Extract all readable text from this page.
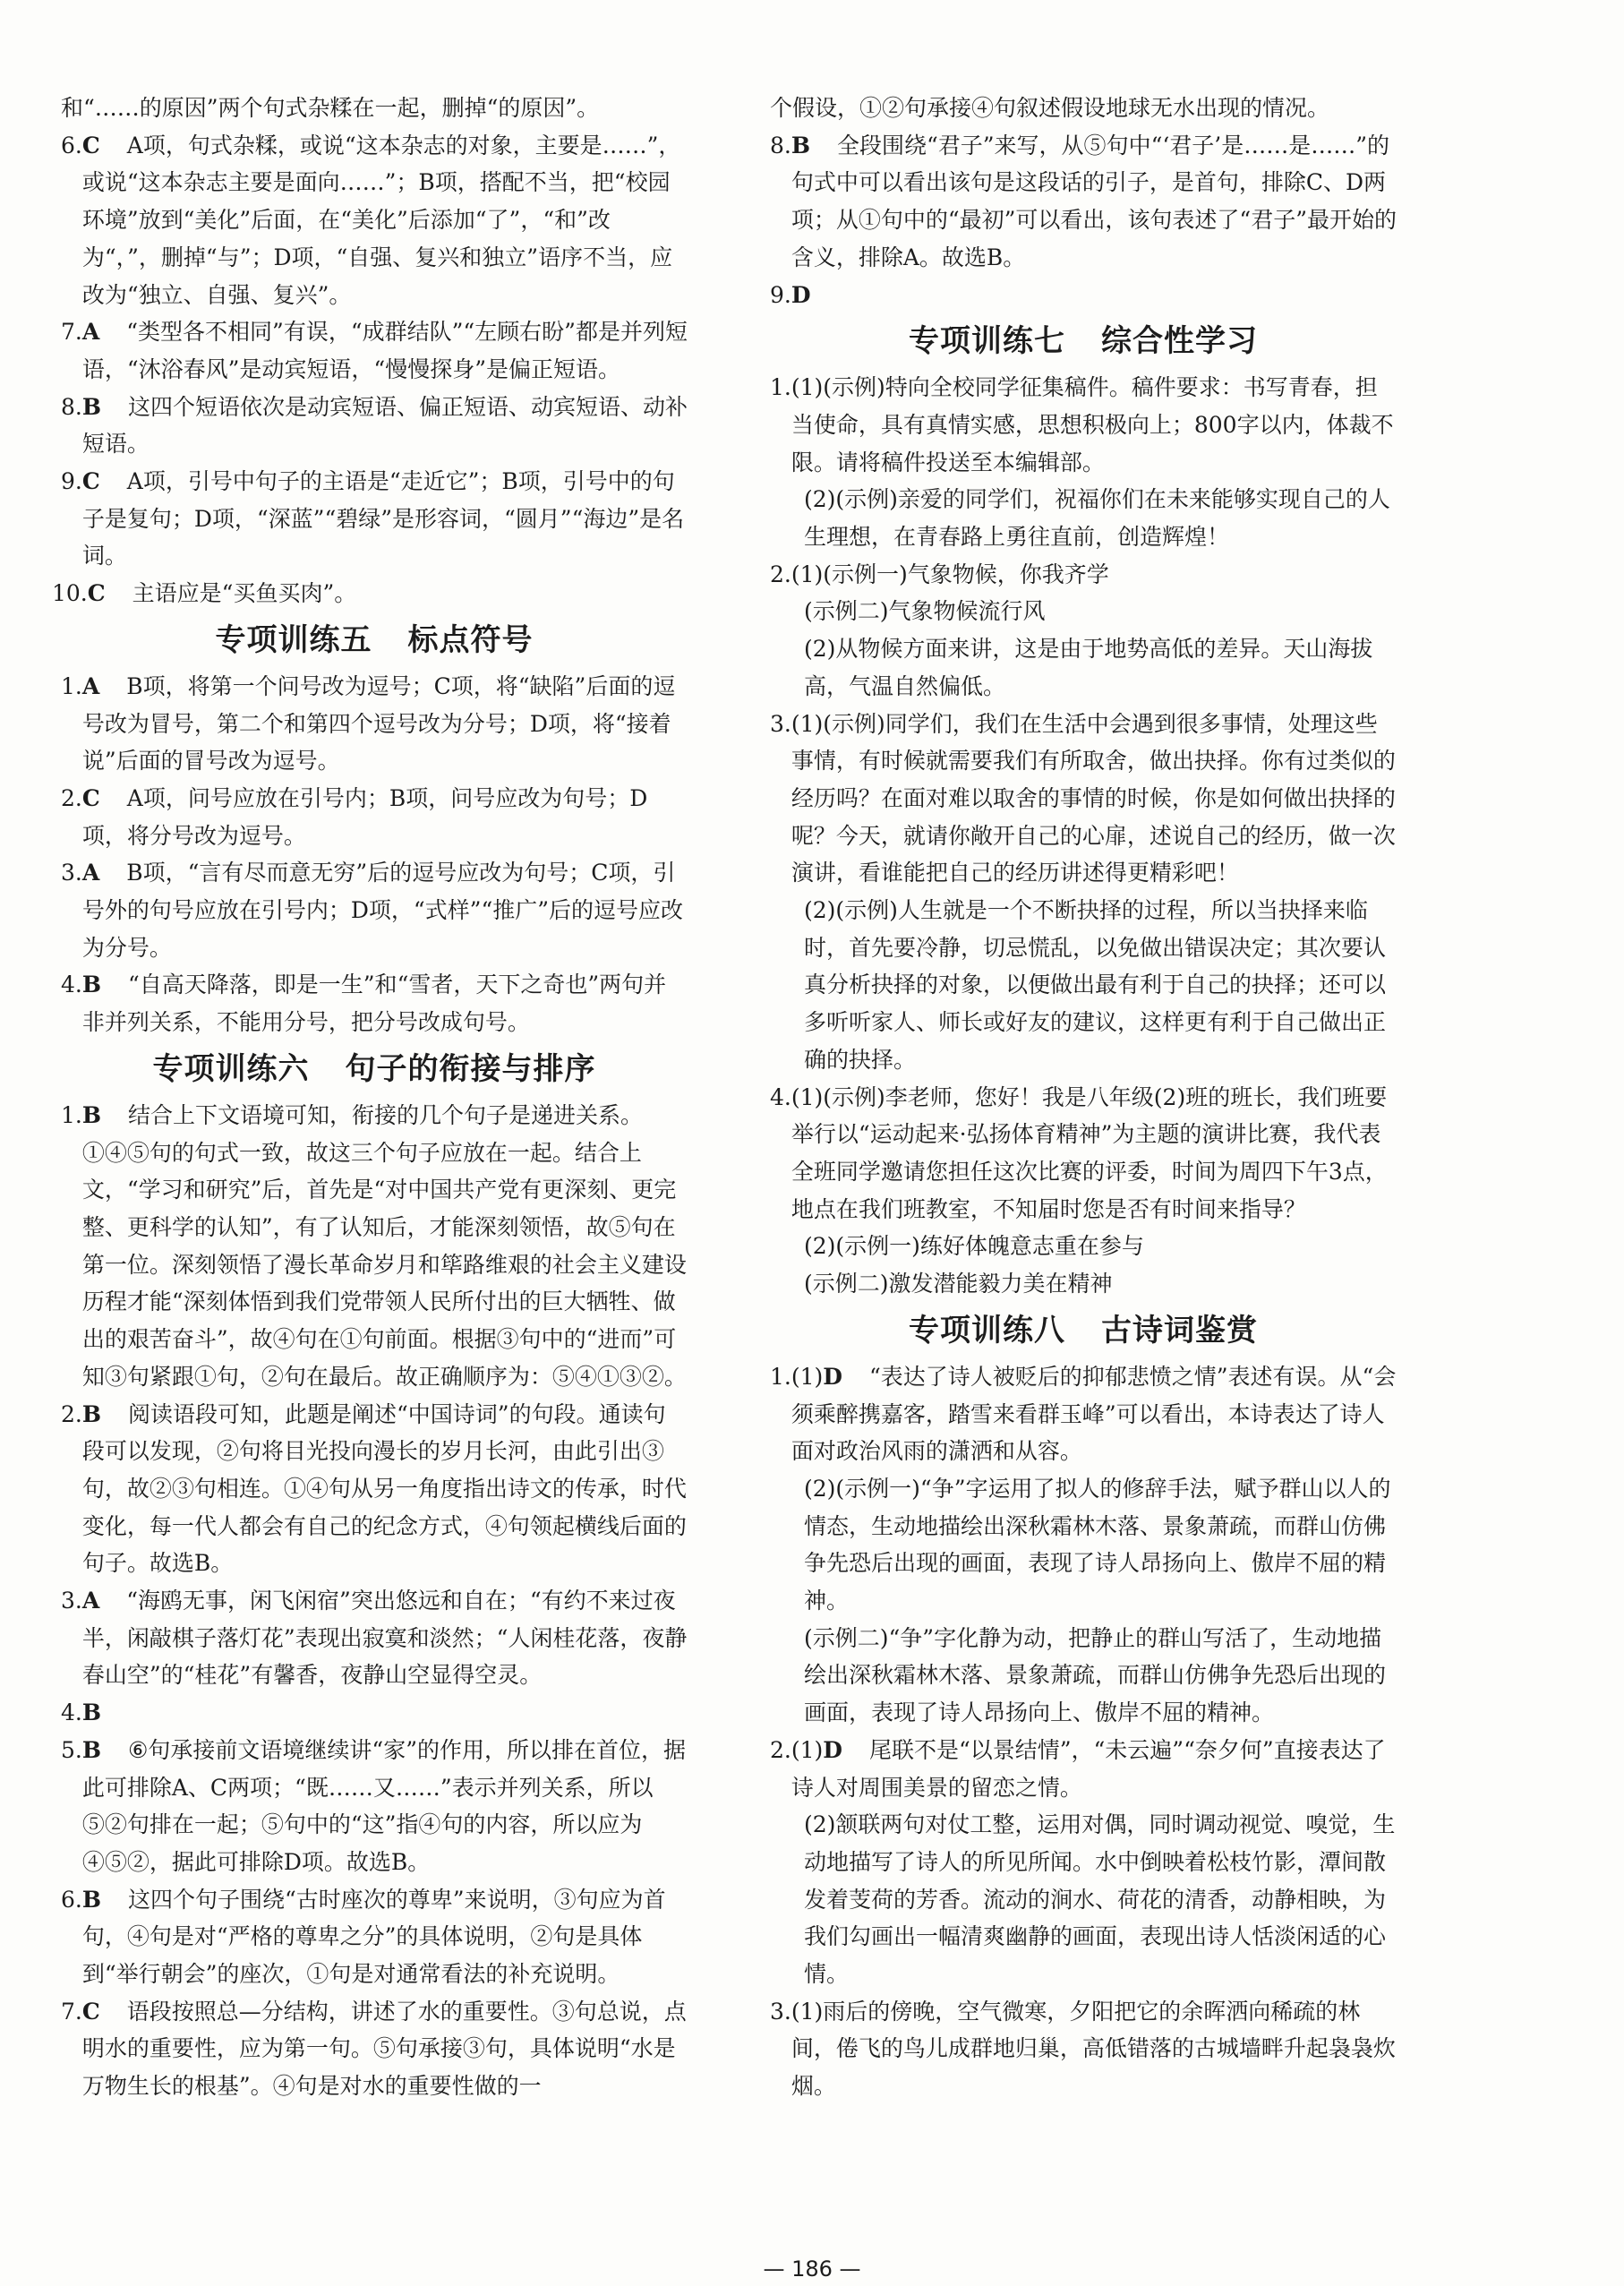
和“……的原因”两个句式杂糅在一起，删掉“的原因”。
6. C A项，句式杂糅，或说“这本杂志的对象，主要是……”，或说“这本杂志主要是面向……”；B项，搭配不当，把“校园环境”放到“美化”后面，在“美化”后添加“了”，“和”改为“，”，删掉“与”；D项，“自强、复兴和独立”语序不当，应改为“独立、自强、复兴”。
7. A “类型各不相同”有误，“成群结队”“左顾右盼”都是并列短语，“沐浴春风”是动宾短语，“慢慢探身”是偏正短语。
8. B 这四个短语依次是动宾短语、偏正短语、动宾短语、动补短语。
9. C A项，引号中句子的主语是“走近它”；B项，引号中的句子是复句；D项，“深蓝”“碧绿”是形容词，“圆月”“海边”是名词。
10. C 主语应是“买鱼买肉”。
专项训练五 标点符号
1. A B项，将第一个问号改为逗号；C项，将“缺陷”后面的逗号改为冒号，第二个和第四个逗号改为分号；D项，将“接着说”后面的冒号改为逗号。
2. C A项，问号应放在引号内；B项，问号应改为句号；D项，将分号改为逗号。
3. A B项，“言有尽而意无穷”后的逗号应改为句号；C项，引号外的句号应放在引号内；D项，“式样”“推广”后的逗号应改为分号。
4. B “自高天降落，即是一生”和“雪者，天下之奇也”两句并非并列关系，不能用分号，把分号改成句号。
专项训练六 句子的衔接与排序
1. B 结合上下文语境可知，衔接的几个句子是递进关系。①④⑤句的句式一致，故这三个句子应放在一起。结合上文，“学习和研究”后，首先是“对中国共产党有更深刻、更完整、更科学的认知”，有了认知后，才能深刻领悟，故⑤句在第一位。深刻领悟了漫长革命岁月和筚路维艰的社会主义建设历程才能“深刻体悟到我们党带领人民所付出的巨大牺牲、做出的艰苦奋斗”，故④句在①句前面。根据③句中的“进而”可知③句紧跟①句，②句在最后。故正确顺序为：⑤④①③②。
2. B 阅读语段可知，此题是阐述“中国诗词”的句段。通读句段可以发现，②句将目光投向漫长的岁月长河，由此引出③句，故②③句相连。①④句从另一角度指出诗文的传承，时代变化，每一代人都会有自己的纪念方式，④句领起横线后面的句子。故选B。
3. A “海鸥无事，闲飞闲宿”突出悠远和自在；“有约不来过夜半，闲敲棋子落灯花”表现出寂寞和淡然；“人闲桂花落，夜静春山空”的“桂花”有馨香，夜静山空显得空灵。
4. B
5. B ⑥句承接前文语境继续讲“家”的作用，所以排在首位，据此可排除A、C两项；“既……又……”表示并列关系，所以⑤②句排在一起；⑤句中的“这”指④句的内容，所以应为④⑤②，据此可排除D项。故选B。
6. B 这四个句子围绕“古时座次的尊卑”来说明，③句应为首句，④句是对“严格的尊卑之分”的具体说明，②句是具体到“举行朝会”的座次，①句是对通常看法的补充说明。
7. C 语段按照总—分结构，讲述了水的重要性。③句总说，点明水的重要性，应为第一句。⑤句承接③句，具体说明“水是万物生长的根基”。④句是对水的重要性做的一
个假设，①②句承接④句叙述假设地球无水出现的情况。
8. B 全段围绕“君子”来写，从⑤句中“‘君子’是……是……”的句式中可以看出该句是这段话的引子，是首句，排除C、D两项；从①句中的“最初”可以看出，该句表述了“君子”最开始的含义，排除A。故选B。
9. D
专项训练七 综合性学习
1. (1)(示例)特向全校同学征集稿件。稿件要求：书写青春，担当使命，具有真情实感，思想积极向上；800字以内，体裁不限。请将稿件投送至本编辑部。
(2)(示例)亲爱的同学们，祝福你们在未来能够实现自己的人生理想，在青春路上勇往直前，创造辉煌！
2. (1)(示例一)气象物候，你我齐学
(示例二)气象物候流行风
(2)从物候方面来讲，这是由于地势高低的差异。天山海拔高，气温自然偏低。
3. (1)(示例)同学们，我们在生活中会遇到很多事情，处理这些事情，有时候就需要我们有所取舍，做出抉择。你有过类似的经历吗？在面对难以取舍的事情的时候，你是如何做出抉择的呢？今天，就请你敞开自己的心扉，述说自己的经历，做一次演讲，看谁能把自己的经历讲述得更精彩吧！
(2)(示例)人生就是一个不断抉择的过程，所以当抉择来临时，首先要冷静，切忌慌乱，以免做出错误决定；其次要认真分析抉择的对象，以便做出最有利于自己的抉择；还可以多听听家人、师长或好友的建议，这样更有利于自己做出正确的抉择。
4. (1)(示例)李老师，您好！我是八年级(2)班的班长，我们班要举行以“运动起来·弘扬体育精神”为主题的演讲比赛，我代表全班同学邀请您担任这次比赛的评委，时间为周四下午3点，地点在我们班教室，不知届时您是否有时间来指导？
(2)(示例一)练好体魄意志重在参与
(示例二)激发潜能毅力美在精神
专项训练八 古诗词鉴赏
1. (1)D “表达了诗人被贬后的抑郁悲愤之情”表述有误。从“会须乘醉携嘉客，踏雪来看群玉峰”可以看出，本诗表达了诗人面对政治风雨的潇洒和从容。
(2)(示例一)“争”字运用了拟人的修辞手法，赋予群山以人的情态，生动地描绘出深秋霜林木落、景象萧疏，而群山仿佛争先恐后出现的画面，表现了诗人昂扬向上、傲岸不屈的精神。
(示例二)“争”字化静为动，把静止的群山写活了，生动地描绘出深秋霜林木落、景象萧疏，而群山仿佛争先恐后出现的画面，表现了诗人昂扬向上、傲岸不屈的精神。
2. (1)D 尾联不是“以景结情”，“未云遍”“奈夕何”直接表达了诗人对周围美景的留恋之情。
(2)颔联两句对仗工整，运用对偶，同时调动视觉、嗅觉，生动地描写了诗人的所见所闻。水中倒映着松枝竹影，潭间散发着芰荷的芳香。流动的涧水、荷花的清香，动静相映，为我们勾画出一幅清爽幽静的画面，表现出诗人恬淡闲适的心情。
3. (1)雨后的傍晚，空气微寒，夕阳把它的余晖洒向稀疏的林间，倦飞的鸟儿成群地归巢，高低错落的古城墙畔升起袅袅炊烟。
— 186 —
